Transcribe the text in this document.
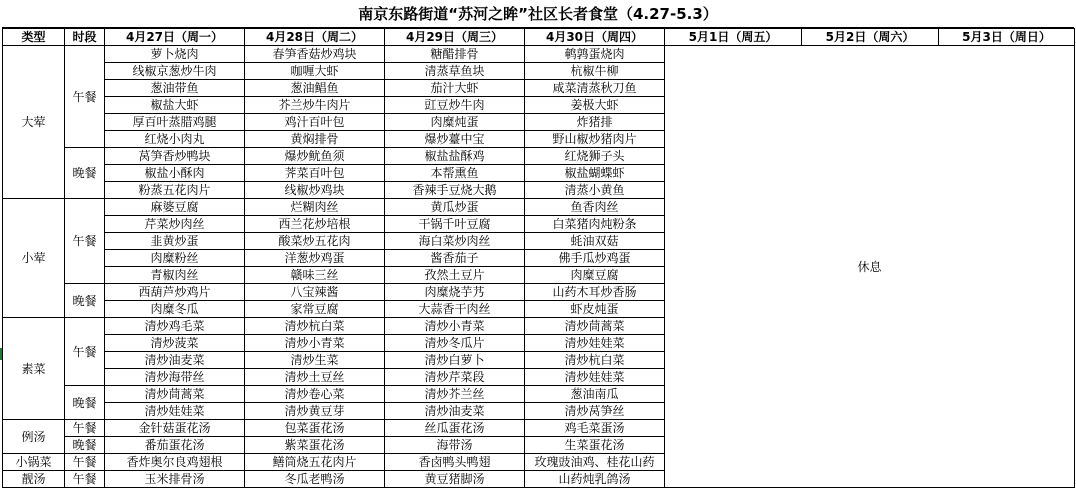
南京东路街道“苏河之眸”社区长者食堂（4.27-5.3）
类型	时段	4月27日（周一）	4月28日（周二）	4月29日（周三）	4月30日（周四）	5月1日（周五）	5月2日（周六）	5月3日（周日）
大荤	午餐	萝卜烧肉	春笋香菇炒鸡块	糖醋排骨	鹌鹑蛋烧肉	休息		
		线椒京葱炒牛肉	咖喱大虾	清蒸草鱼块	杭椒牛柳			
		葱油带鱼	葱油鲳鱼	茄汁大虾	咸菜清蒸秋刀鱼			
		椒盐大虾	芥兰炒牛肉片	豇豆炒牛肉	姜极大虾			
		厚百叶蒸腊鸡腿	鸡汁百叶包	肉糜炖蛋	炸猪排			
		红烧小肉丸	黄焖排骨	爆炒薹中宝	野山椒炒猪肉片			
	晚餐	莴笋香炒鸭块	爆炒鱿鱼须	椒盐盐酥鸡	红烧狮子头			
		椒盐小酥肉	荠菜百叶包	本帮熏鱼	椒盐蝴蝶虾			
		粉蒸五花肉片	线椒炒鸡块	香辣手豆烧大鹅	清蒸小黄鱼			
小荤	午餐	麻婆豆腐	烂糊肉丝	黄瓜炒蛋	鱼香肉丝			
		芹菜炒肉丝	西兰花炒培根	干锅千叶豆腐	白菜猪肉炖粉条			
		韭黄炒蛋	酸菜炒五花肉	海白菜炒肉丝	蚝油双菇			
		肉糜粉丝	洋葱炒鸡蛋	酱香茄子	佛手瓜炒鸡蛋			
		青椒肉丝	赣味三丝	孜然土豆片	肉糜豆腐			
	晚餐	西葫芦炒鸡片	八宝辣酱	肉糜烧芋艿	山药木耳炒香肠			
		肉糜冬瓜	家常豆腐	大蒜香干肉丝	虾皮炖蛋			
素菜	午餐	清炒鸡毛菜	清炒杭白菜	清炒小青菜	清炒茼蒿菜			
		清炒菠菜	清炒小青菜	清炒冬瓜片	清炒娃娃菜			
		清炒油麦菜	清炒生菜	清炒白萝卜	清炒杭白菜			
		清炒海带丝	清炒土豆丝	清炒芹菜段	清炒娃娃菜			
	晚餐	清炒茼蒿菜	清炒卷心菜	清炒芥兰丝	葱油南瓜			
		清炒娃娃菜	清炒黄豆芽	清炒油麦菜	清炒莴笋丝			
例汤	午餐	金针菇蛋花汤	包菜蛋花汤	丝瓜蛋花汤	鸡毛菜蛋汤			
	晚餐	番茄蛋花汤	紫菜蛋花汤	海带汤	生菜蛋花汤			
小锅菜	午餐	香炸奥尔良鸡翅根	鳝筒烧五花肉片	香卤鸭头鸭翅	玫瑰豉油鸡、桂花山药			
靓汤	午餐	玉米排骨汤	冬瓜老鸭汤	黄豆猪脚汤	山药炖乳鸽汤			
